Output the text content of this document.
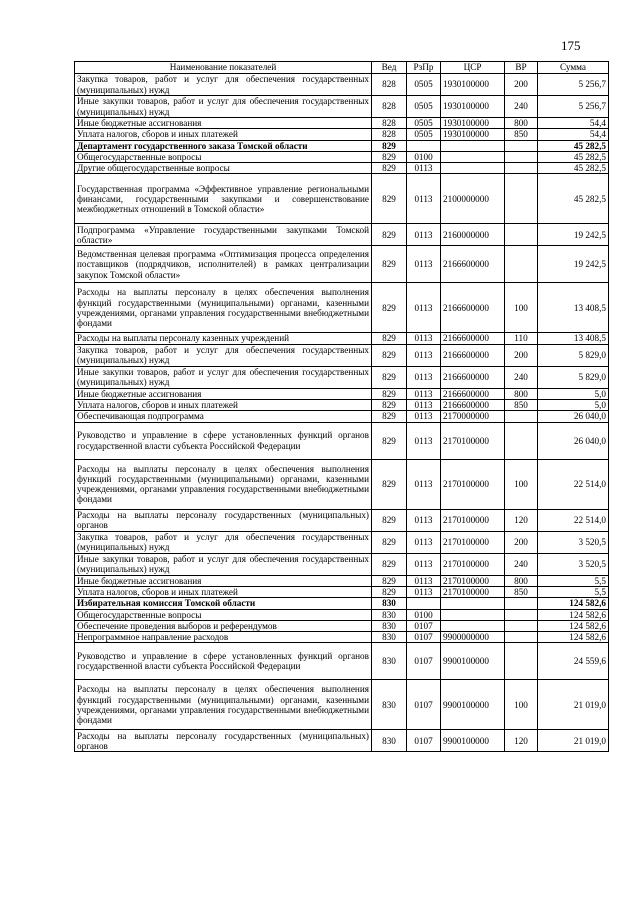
175
Наименование показателей	Вед	РзПр	ЦСР	ВР	Сумма
Закупка товаров, работ и услуг для обеспечения государственных (муниципальных) нужд	828	0505	1930100000	200	5 256,7
Иные закупки товаров, работ и услуг для обеспечения государственных (муниципальных) нужд	828	0505	1930100000	240	5 256,7
Иные бюджетные ассигнования	828	0505	1930100000	800	54,4
Уплата налогов, сборов и иных платежей	828	0505	1930100000	850	54,4
Департамент государственного заказа Томской области	829				45 282,5
Общегосударственные вопросы	829	0100			45 282,5
Другие общегосударственные вопросы	829	0113			45 282,5
Государственная программа «Эффективное управление региональными финансами, государственными закупками и совершенствование межбюджетных отношений в Томской области»	829	0113	2100000000		45 282,5
Подпрограмма «Управление государственными закупками Томской области»	829	0113	2160000000		19 242,5
Ведомственная целевая программа «Оптимизация процесса определения поставщиков (подрядчиков, исполнителей) в рамках централизации закупок Томской области»	829	0113	2166600000		19 242,5
Расходы на выплаты персоналу в целях обеспечения выполнения функций государственными (муниципальными) органами, казенными учреждениями, органами управления государственными внебюджетными фондами	829	0113	2166600000	100	13 408,5
Расходы на выплаты персоналу казенных учреждений	829	0113	2166600000	110	13 408,5
Закупка товаров, работ и услуг для обеспечения государственных (муниципальных) нужд	829	0113	2166600000	200	5 829,0
Иные закупки товаров, работ и услуг для обеспечения государственных (муниципальных) нужд	829	0113	2166600000	240	5 829,0
Иные бюджетные ассигнования	829	0113	2166600000	800	5,0
Уплата налогов, сборов и иных платежей	829	0113	2166600000	850	5,0
Обеспечивающая подпрограмма	829	0113	2170000000		26 040,0
Руководство и управление в сфере установленных функций органов государственной власти субъекта Российской Федерации	829	0113	2170100000		26 040,0
Расходы на выплаты персоналу в целях обеспечения выполнения функций государственными (муниципальными) органами, казенными учреждениями, органами управления государственными внебюджетными фондами	829	0113	2170100000	100	22 514,0
Расходы на выплаты персоналу государственных (муниципальных) органов	829	0113	2170100000	120	22 514,0
Закупка товаров, работ и услуг для обеспечения государственных (муниципальных) нужд	829	0113	2170100000	200	3 520,5
Иные закупки товаров, работ и услуг для обеспечения государственных (муниципальных) нужд	829	0113	2170100000	240	3 520,5
Иные бюджетные ассигнования	829	0113	2170100000	800	5,5
Уплата налогов, сборов и иных платежей	829	0113	2170100000	850	5,5
Избирательная комиссия Томской области	830				124 582,6
Общегосударственные вопросы	830	0100			124 582,6
Обеспечение проведения выборов и референдумов	830	0107			124 582,6
Непрограммное направление расходов	830	0107	9900000000		124 582,6
Руководство и управление в сфере установленных функций органов государственной власти субъекта Российской Федерации	830	0107	9900100000		24 559,6
Расходы на выплаты персоналу в целях обеспечения выполнения функций государственными (муниципальными) органами, казенными учреждениями, органами управления государственными внебюджетными фондами	830	0107	9900100000	100	21 019,0
Расходы на выплаты персоналу государственных (муниципальных) органов	830	0107	9900100000	120	21 019,0
